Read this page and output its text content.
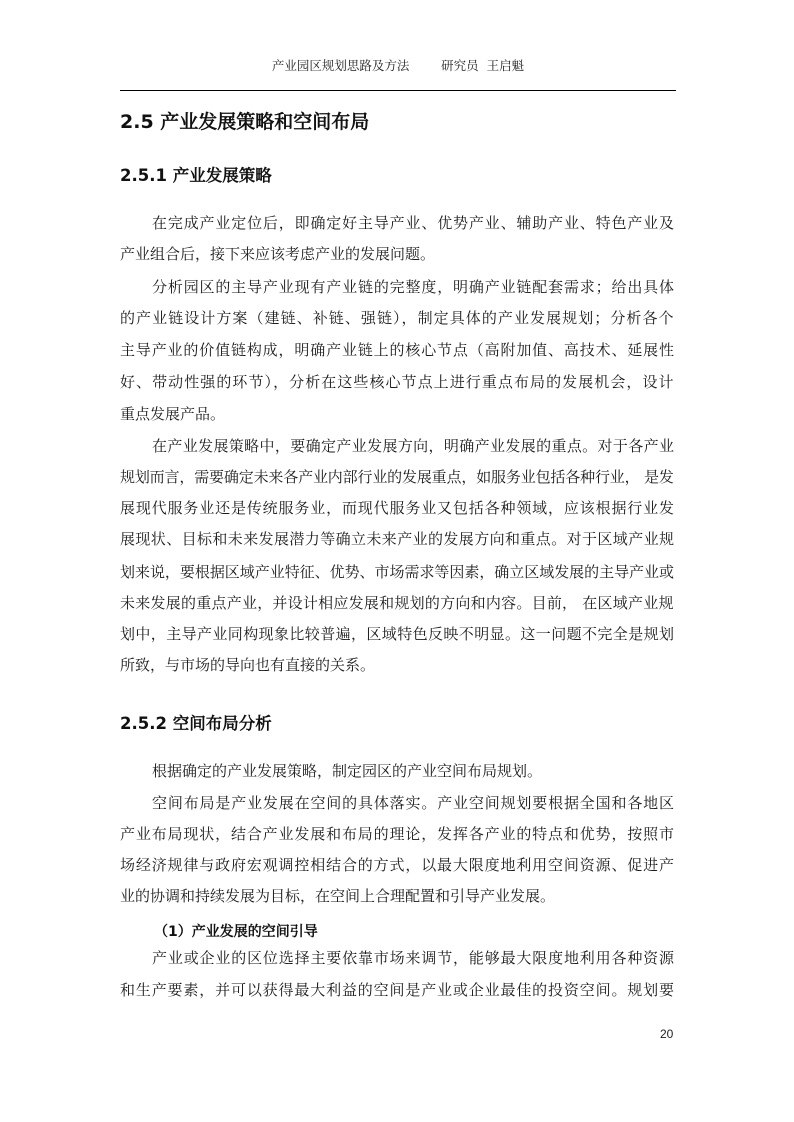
产业园区规划思路及方法        研究员  王启魁
2.5 产业发展策略和空间布局
2.5.1 产业发展策略
在完成产业定位后，即确定好主导产业、优势产业、辅助产业、特色产业及
产业组合后，接下来应该考虑产业的发展问题。
分析园区的主导产业现有产业链的完整度，明确产业链配套需求；给出具体
的产业链设计方案（建链、补链、强链），制定具体的产业发展规划；分析各个
主导产业的价值链构成，明确产业链上的核心节点（高附加值、高技术、延展性
好、带动性强的环节），分析在这些核心节点上进行重点布局的发展机会，设计
重点发展产品。
在产业发展策略中，要确定产业发展方向，明确产业发展的重点。对于各产业
规划而言，需要确定未来各产业内部行业的发展重点，如服务业包括各种行业， 是发
展现代服务业还是传统服务业，而现代服务业又包括各种领域，应该根据行业发
展现状、目标和未来发展潜力等确立未来产业的发展方向和重点。对于区域产业规
划来说，要根据区域产业特征、优势、市场需求等因素，确立区域发展的主导产业或
未来发展的重点产业，并设计相应发展和规划的方向和内容。目前， 在区域产业规
划中，主导产业同构现象比较普遍，区域特色反映不明显。这一问题不完全是规划
所致，与市场的导向也有直接的关系。
2.5.2 空间布局分析
根据确定的产业发展策略，制定园区的产业空间布局规划。
空间布局是产业发展在空间的具体落实。产业空间规划要根据全国和各地区
产业布局现状，结合产业发展和布局的理论，发挥各产业的特点和优势，按照市
场经济规律与政府宏观调控相结合的方式，以最大限度地利用空间资源、促进产
业的协调和持续发展为目标，在空间上合理配置和引导产业发展。
（1）产业发展的空间引导
产业或企业的区位选择主要依靠市场来调节，能够最大限度地利用各种资源
和生产要素，并可以获得最大利益的空间是产业或企业最佳的投资空间。规划要
20
